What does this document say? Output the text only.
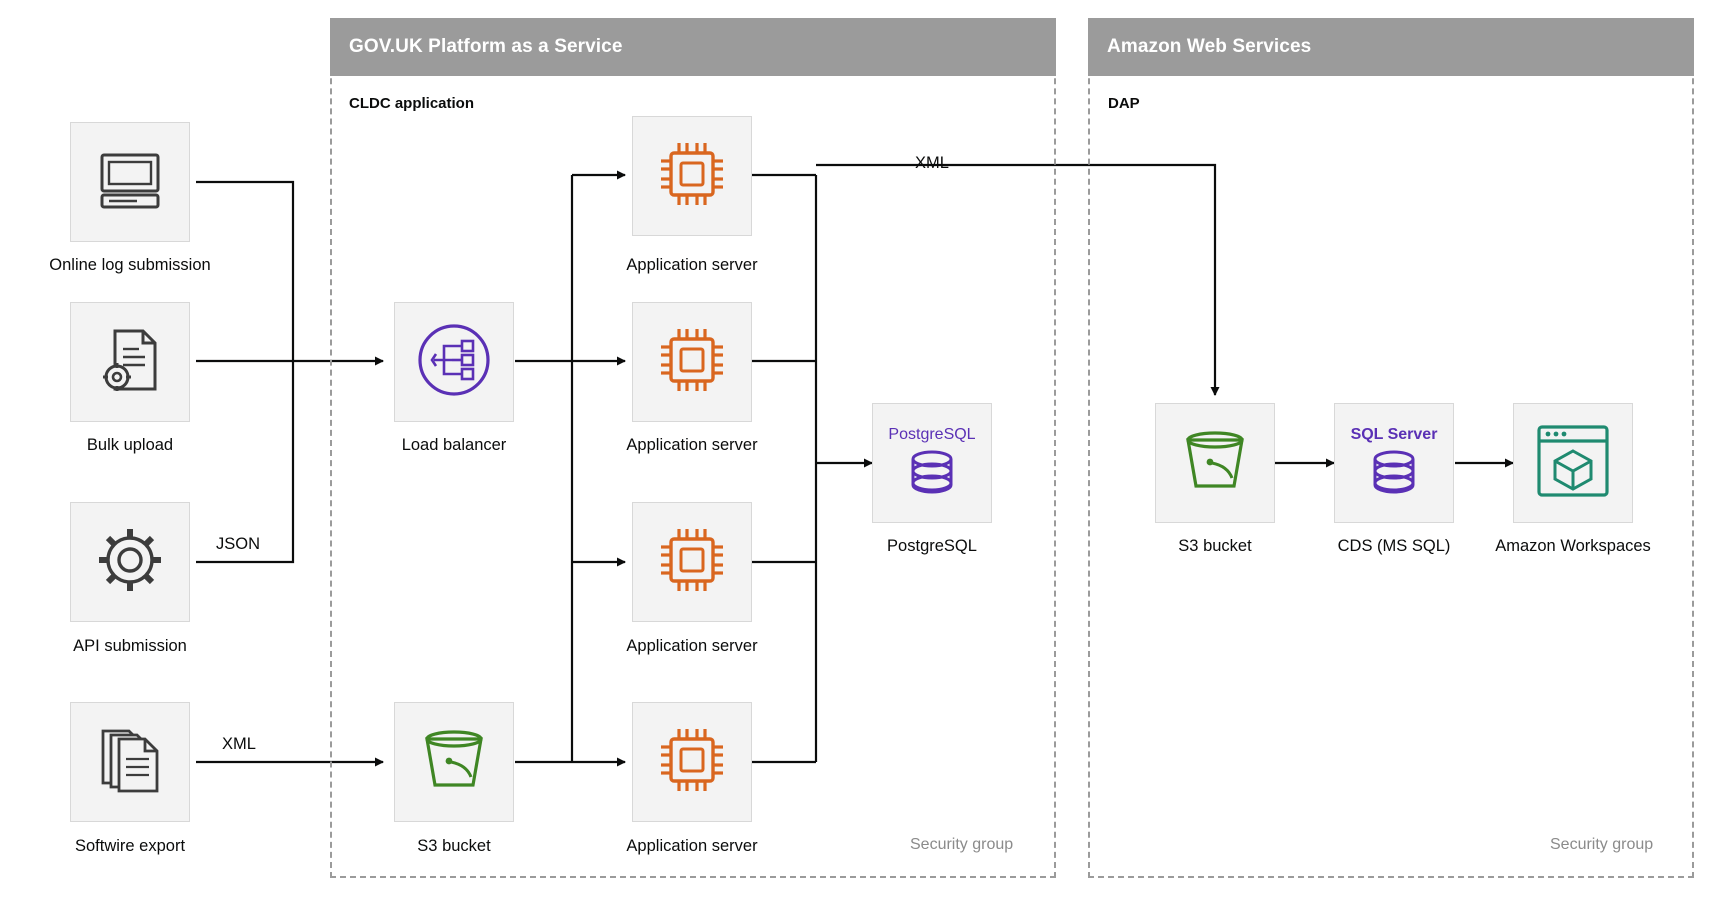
GOV.UK Platform as a Service
CLDC application
Security group
Amazon Web Services
DAP
Security group
Online log submission
Bulk upload
API submission
Softwire export
Load balancer
S3 bucket
Application server
Application server
Application server
Application server
PostgreSQL
PostgreSQL	S3 bucket
SQL Server
CDS (MS SQL)	Amazon Workspaces
XML
JSON
XML
